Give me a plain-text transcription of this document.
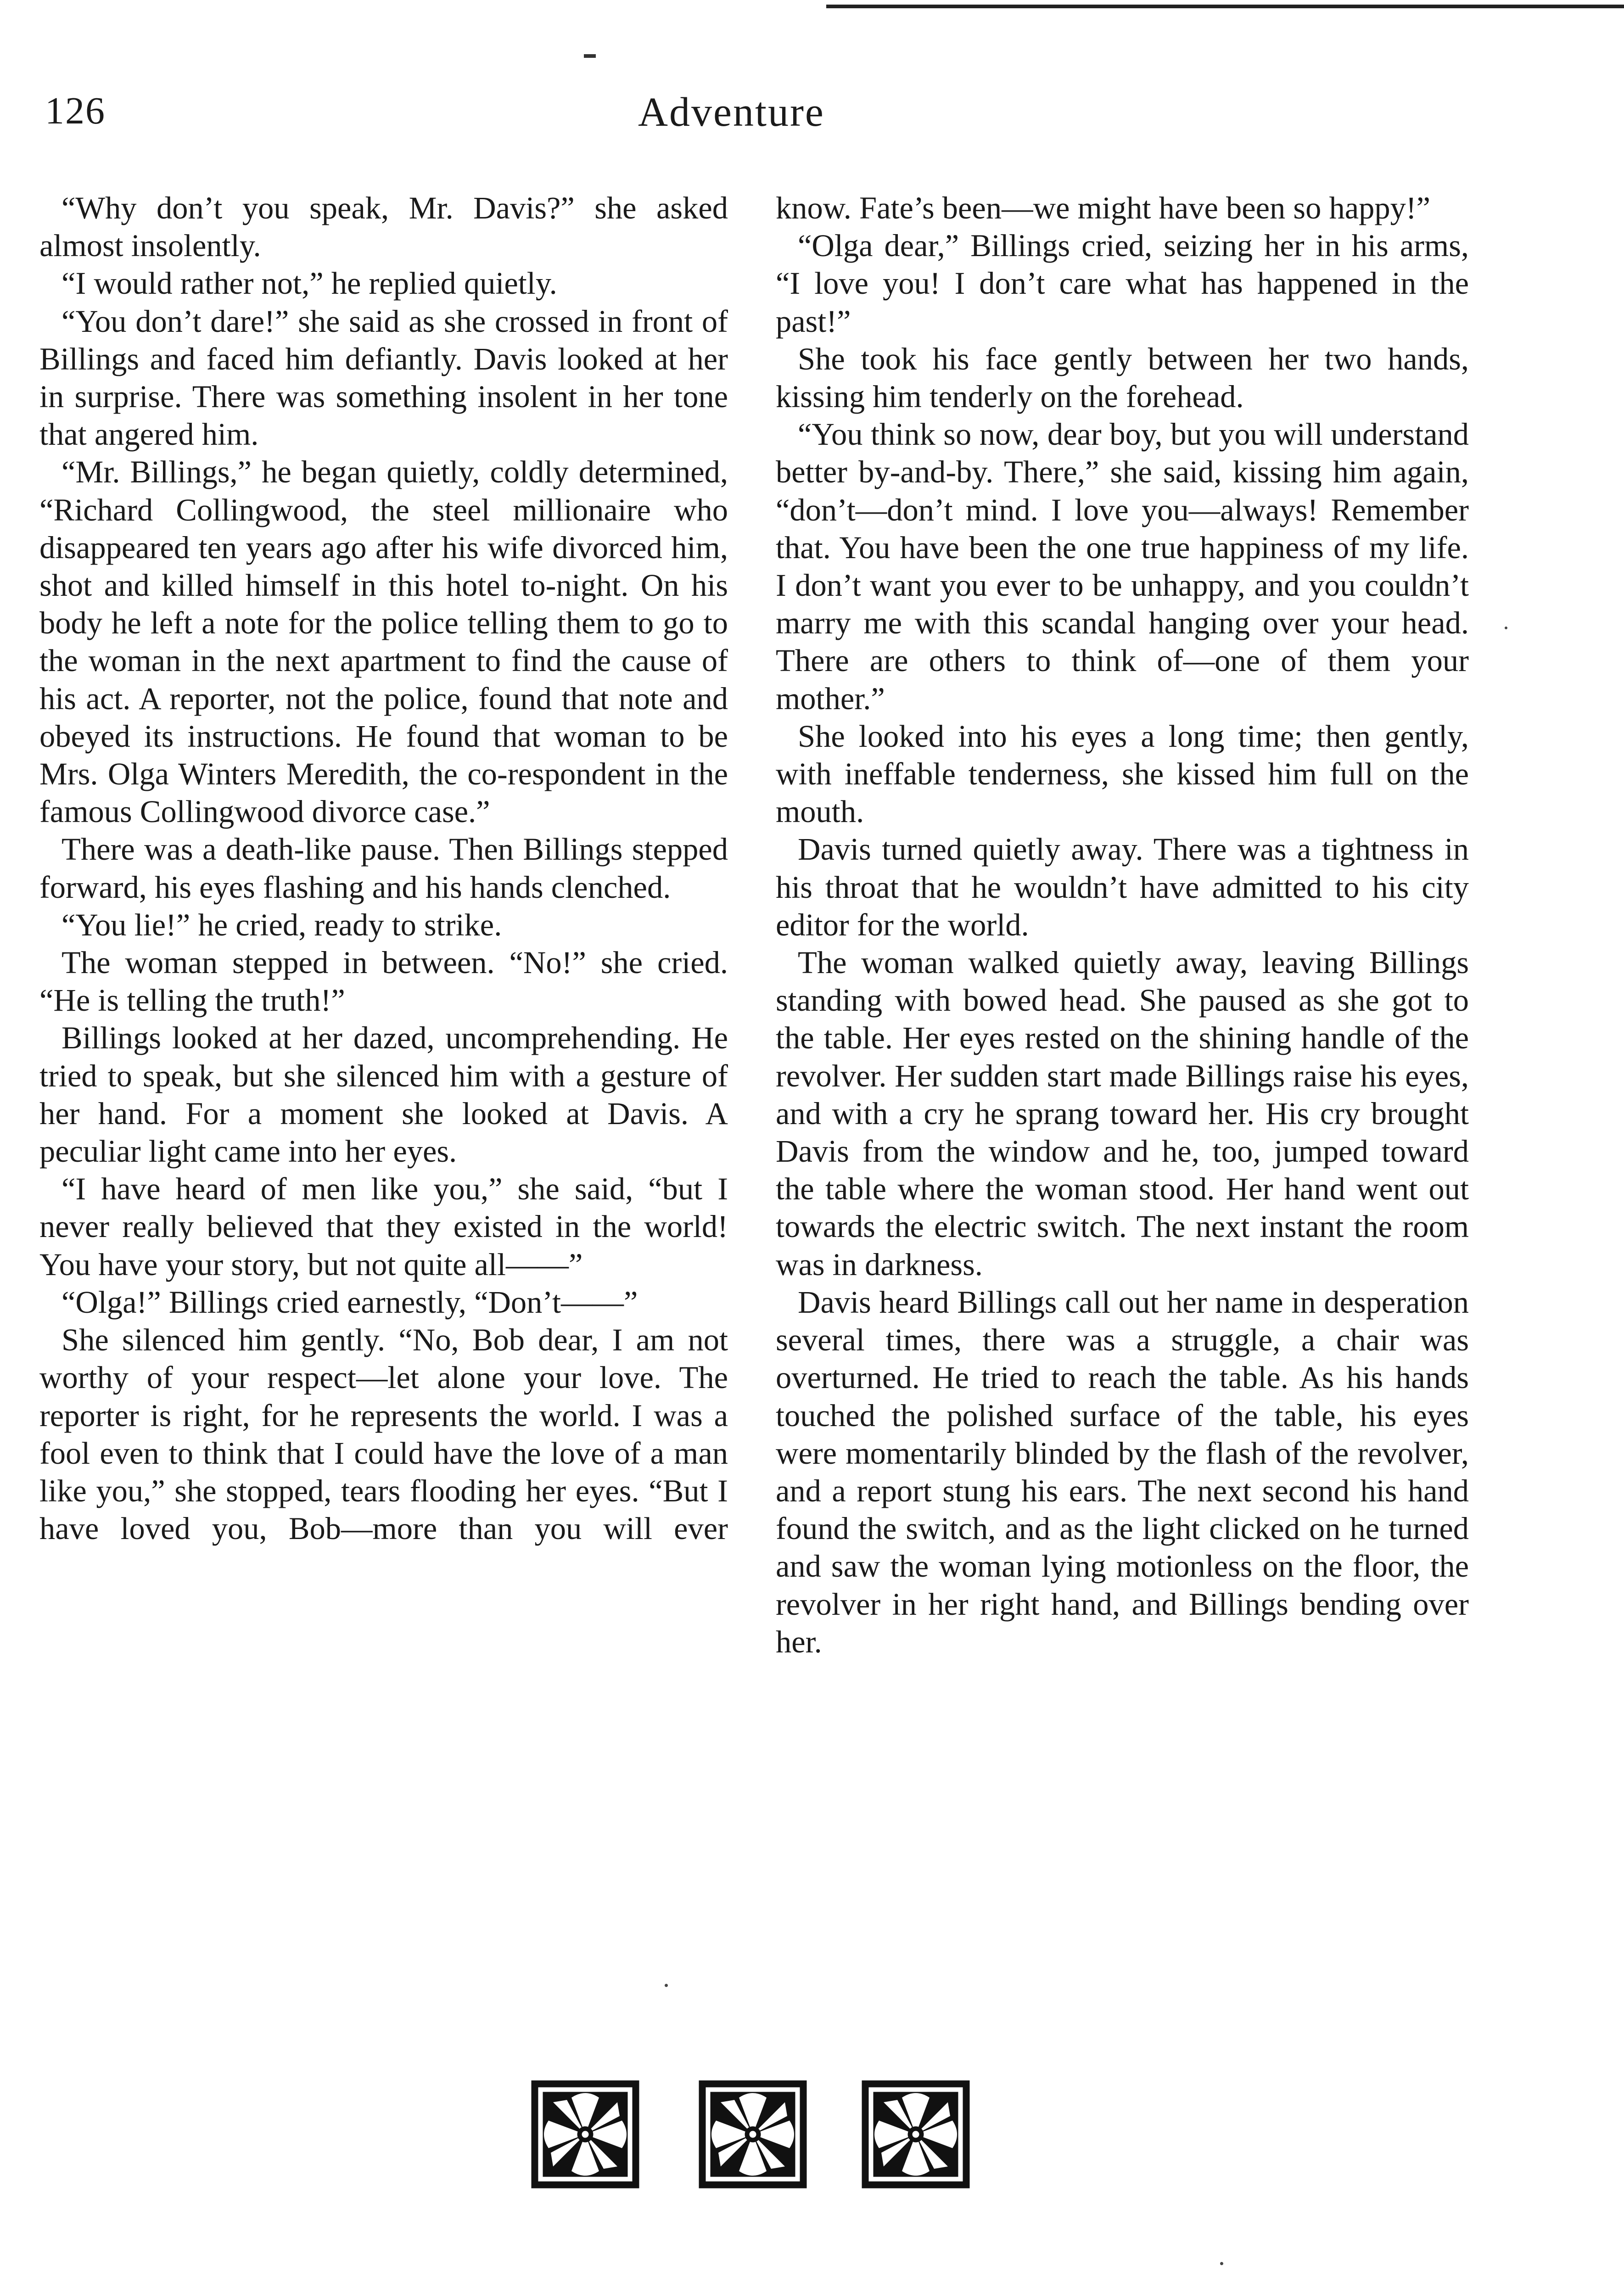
126	Adventure

“Why don’t you speak, Mr. Davis?” she asked almost insolently.

“I would rather not,” he replied quietly.

“You don’t dare!” she said as she crossed in front of Billings and faced him defiantly. Davis looked at her in surprise. There was something insolent in her tone that angered him.

“Mr. Billings,” he began quietly, coldly determined, “Richard Collingwood, the steel millionaire who disappeared ten years ago after his wife divorced him, shot and killed himself in this hotel to-night. On his body he left a note for the police telling them to go to the woman in the next apartment to find the cause of his act. A reporter, not the police, found that note and obeyed its instructions. He found that woman to be Mrs. Olga Winters Meredith, the co-respondent in the famous Collingwood divorce case.”

There was a death-like pause. Then Billings stepped forward, his eyes flashing and his hands clenched.

“You lie!” he cried, ready to strike.

The woman stepped in between. “No!” she cried. “He is telling the truth!”

Billings looked at her dazed, uncomprehending. He tried to speak, but she silenced him with a gesture of her hand. For a moment she looked at Davis. A peculiar light came into her eyes.

“I have heard of men like you,” she said, “but I never really believed that they existed in the world! You have your story, but not quite all——”

“Olga!” Billings cried earnestly, “Don’t——”

She silenced him gently. “No, Bob dear, I am not worthy of your respect—let alone your love. The reporter is right, for he represents the world. I was a fool even to think that I could have the love of a man like you,” she stopped, tears flooding her eyes. “But I have loved you, Bob—more than you will ever

know. Fate’s been—we might have been so happy!”

“Olga dear,” Billings cried, seizing her in his arms, “I love you! I don’t care what has happened in the past!”

She took his face gently between her two hands, kissing him tenderly on the forehead.

“You think so now, dear boy, but you will understand better by-and-by. There,” she said, kissing him again, “don’t—don’t mind. I love you—always! Remember that. You have been the one true happiness of my life. I don’t want you ever to be unhappy, and you couldn’t marry me with this scandal hanging over your head. There are others to think of—one of them your mother.”

She looked into his eyes a long time; then gently, with ineffable tenderness, she kissed him full on the mouth.

Davis turned quietly away. There was a tightness in his throat that he wouldn’t have admitted to his city editor for the world.

The woman walked quietly away, leaving Billings standing with bowed head. She paused as she got to the table. Her eyes rested on the shining handle of the revolver. Her sudden start made Billings raise his eyes, and with a cry he sprang toward her. His cry brought Davis from the window and he, too, jumped toward the table where the woman stood. Her hand went out towards the electric switch. The next instant the room was in darkness.

Davis heard Billings call out her name in desperation several times, there was a struggle, a chair was overturned. He tried to reach the table. As his hands touched the polished surface of the table, his eyes were momentarily blinded by the flash of the revolver, and a report stung his ears. The next second his hand found the switch, and as the light clicked on he turned and saw the woman lying motionless on the floor, the revolver in her right hand, and Billings bending over her.
